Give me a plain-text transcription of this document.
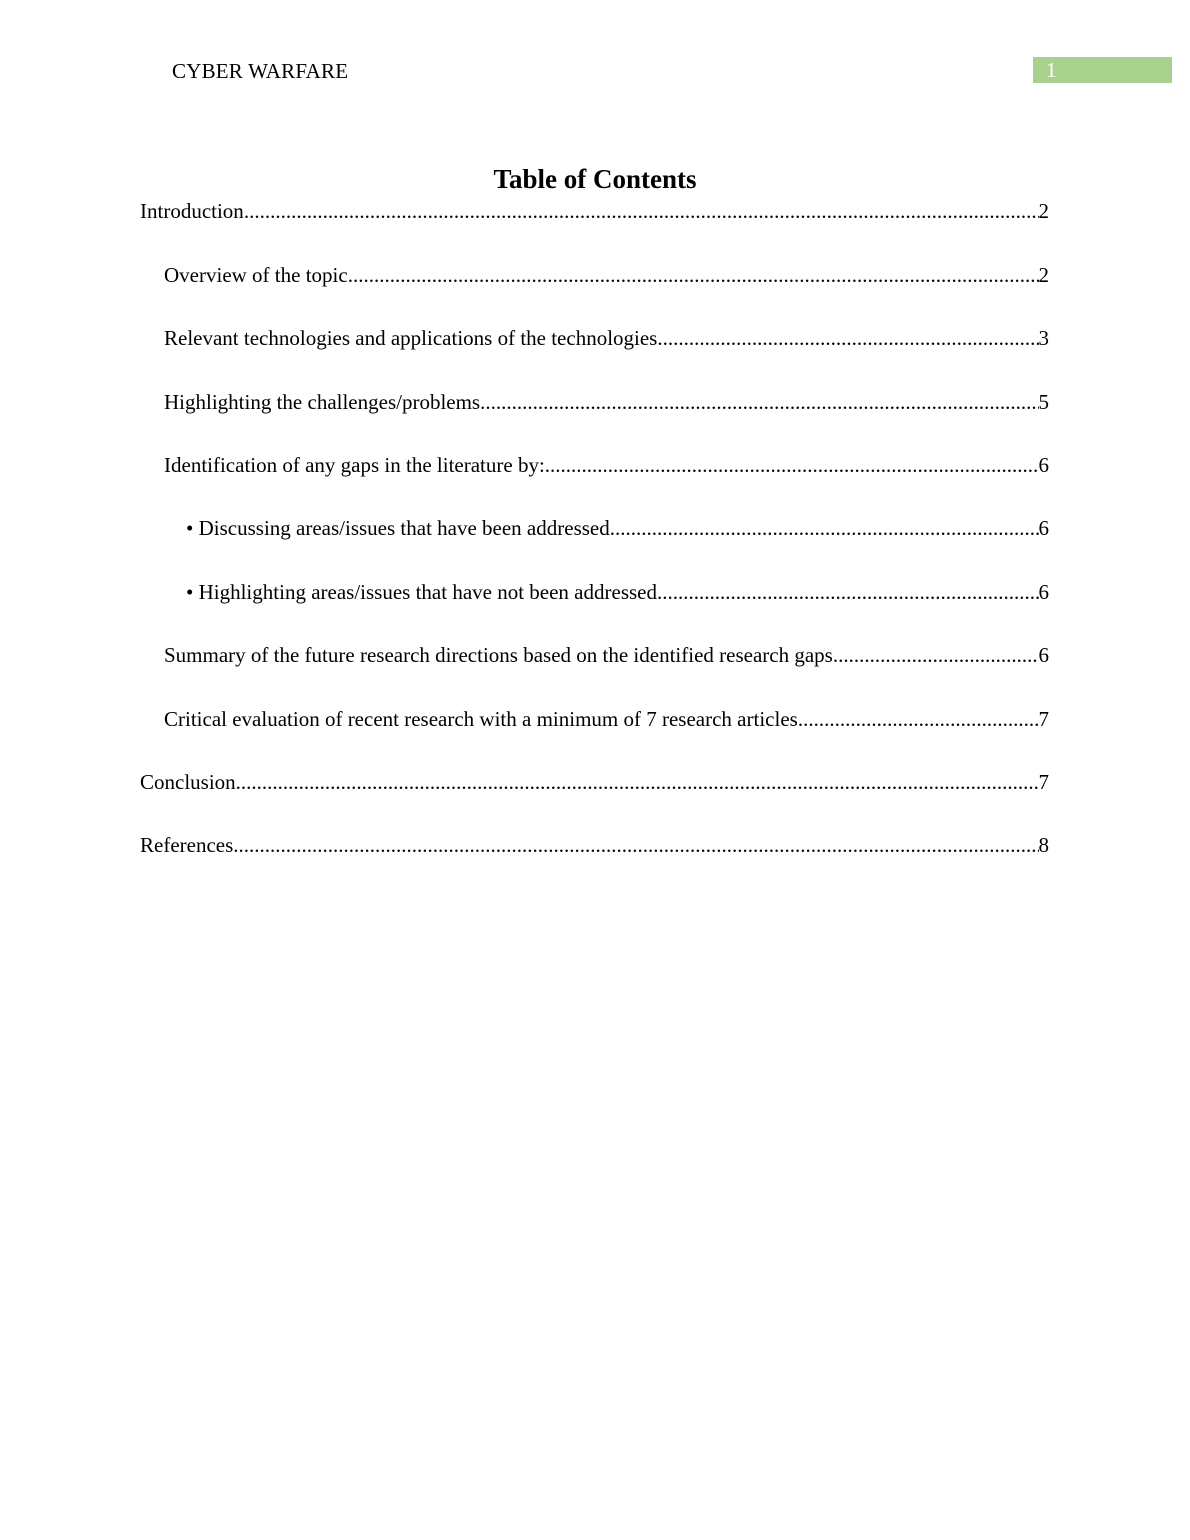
CYBER WARFARE	1
Table of Contents
Introduction .....	2
Overview of the topic .....	2
Relevant technologies and applications of the technologies .....	3
Highlighting the challenges/problems .....	5
Identification of any gaps in the literature by: .....	6
• Discussing areas/issues that have been addressed .....	6
• Highlighting areas/issues that have not been addressed .....	6
Summary of the future research directions based on the identified research gaps .....	6
Critical evaluation of recent research with a minimum of 7 research articles .....	7
Conclusion .....	7
References .....	8
